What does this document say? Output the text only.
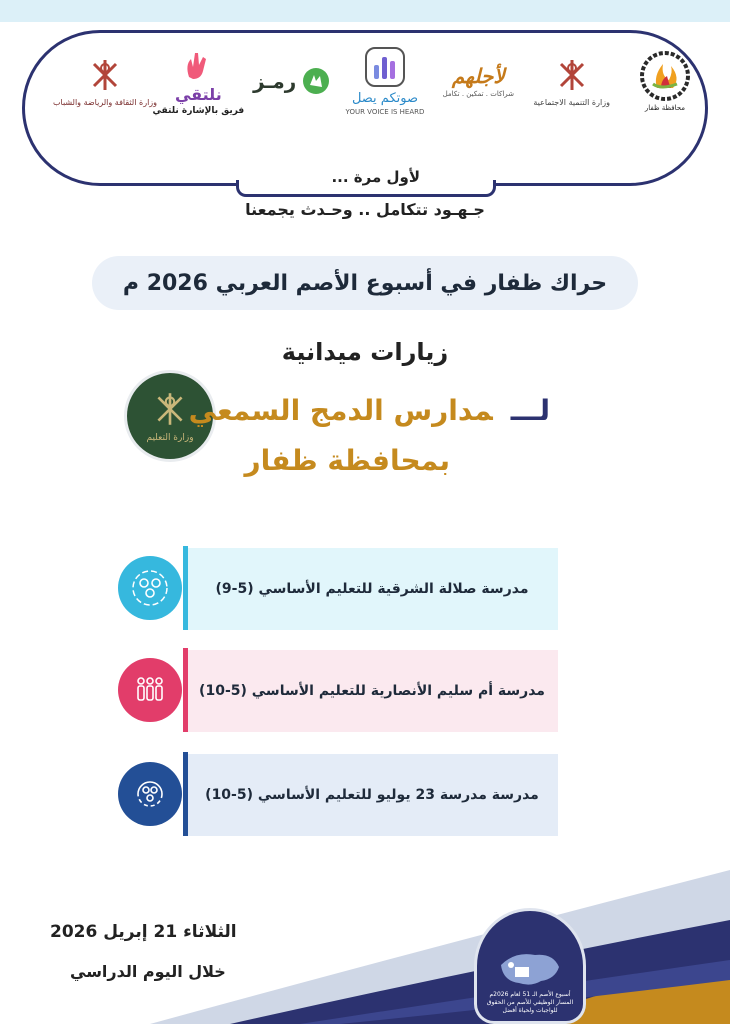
وزارة الثقافة والرياضة والشباب نلتقي
فريق بالإشارة نلتقي
رمـز
صوتكم يصل
YOUR VOICE IS HEARD
لأجلهم
شراكات . تمكين . تكامل
وزارة التنمية الاجتماعية
محافظة ظفار
لأول مرة ...
جـهـود تتكامل .. وحـدث يجمعنا
حراك ظفار في أسبوع الأصم العربي 2026 م
زيارات ميدانية
وزارة التعليم
لـــمدارس الدمج السمعي
بمحافظة ظفار
مدرسة صلالة الشرقية للتعليم الأساسي (5-9)
مدرسة أم سليم الأنصارية للتعليم الأساسي (5-10)
مدرسة مدرسة 23 يوليو للتعليم الأساسي (5-10)
أسبوع الأصم الـ 51 لعام 2026م المسار الوظيفي للأصم من الحقوق للواجبات ولحياة أفضل
الثلاثاء 21 إبريل 2026
خلال اليوم الدراسي
